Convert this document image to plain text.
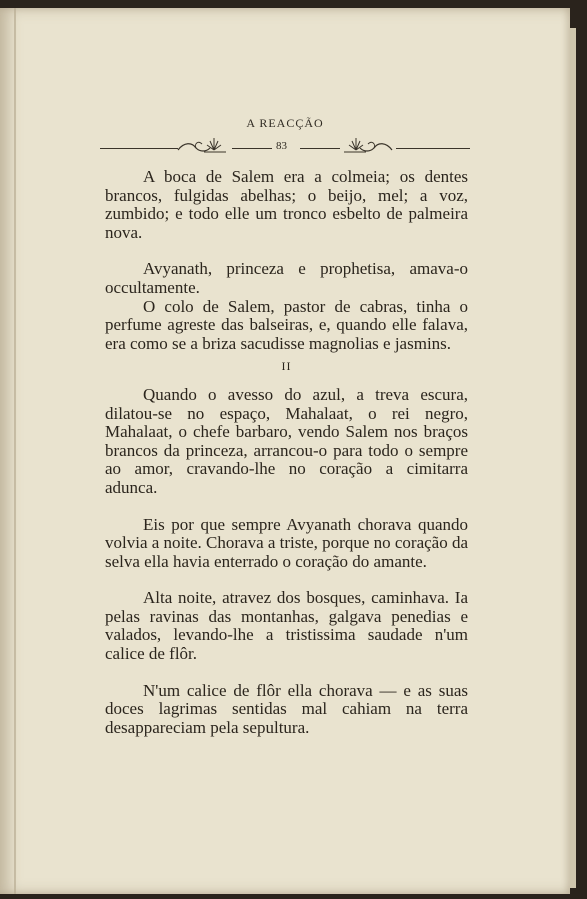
A REACÇÃO
83

A boca de Salem era a colmeia; os dentes brancos, fulgidas abelhas; o beijo, mel; a voz, zumbido; e todo elle um tronco esbelto de palmeira nova.

Avyanath, princeza e prophetisa, amava-o occultamente.

O colo de Salem, pastor de cabras, tinha o perfume agreste das balseiras, e, quando elle falava, era como se a briza sacudisse magnolias e jasmins.

II

Quando o avesso do azul, a treva escura, dilatou-se no espaço, Mahalaat, o rei negro, Mahalaat, o chefe barbaro, vendo Salem nos braços brancos da princeza, arrancou-o para todo o sempre ao amor, cravando-lhe no coração a cimitarra adunca.

Eis por que sempre Avyanath chorava quando volvia a noite. Chorava a triste, porque no coração da selva ella havia enterrado o coração do amante.

Alta noite, atravez dos bosques, caminhava. Ia pelas ravinas das montanhas, galgava penedias e valados, levando-lhe a tristissima saudade n'um calice de flôr.

N'um calice de flôr ella chorava — e as suas doces lagrimas sentidas mal cahiam na terra desappareciam pela sepultura.
